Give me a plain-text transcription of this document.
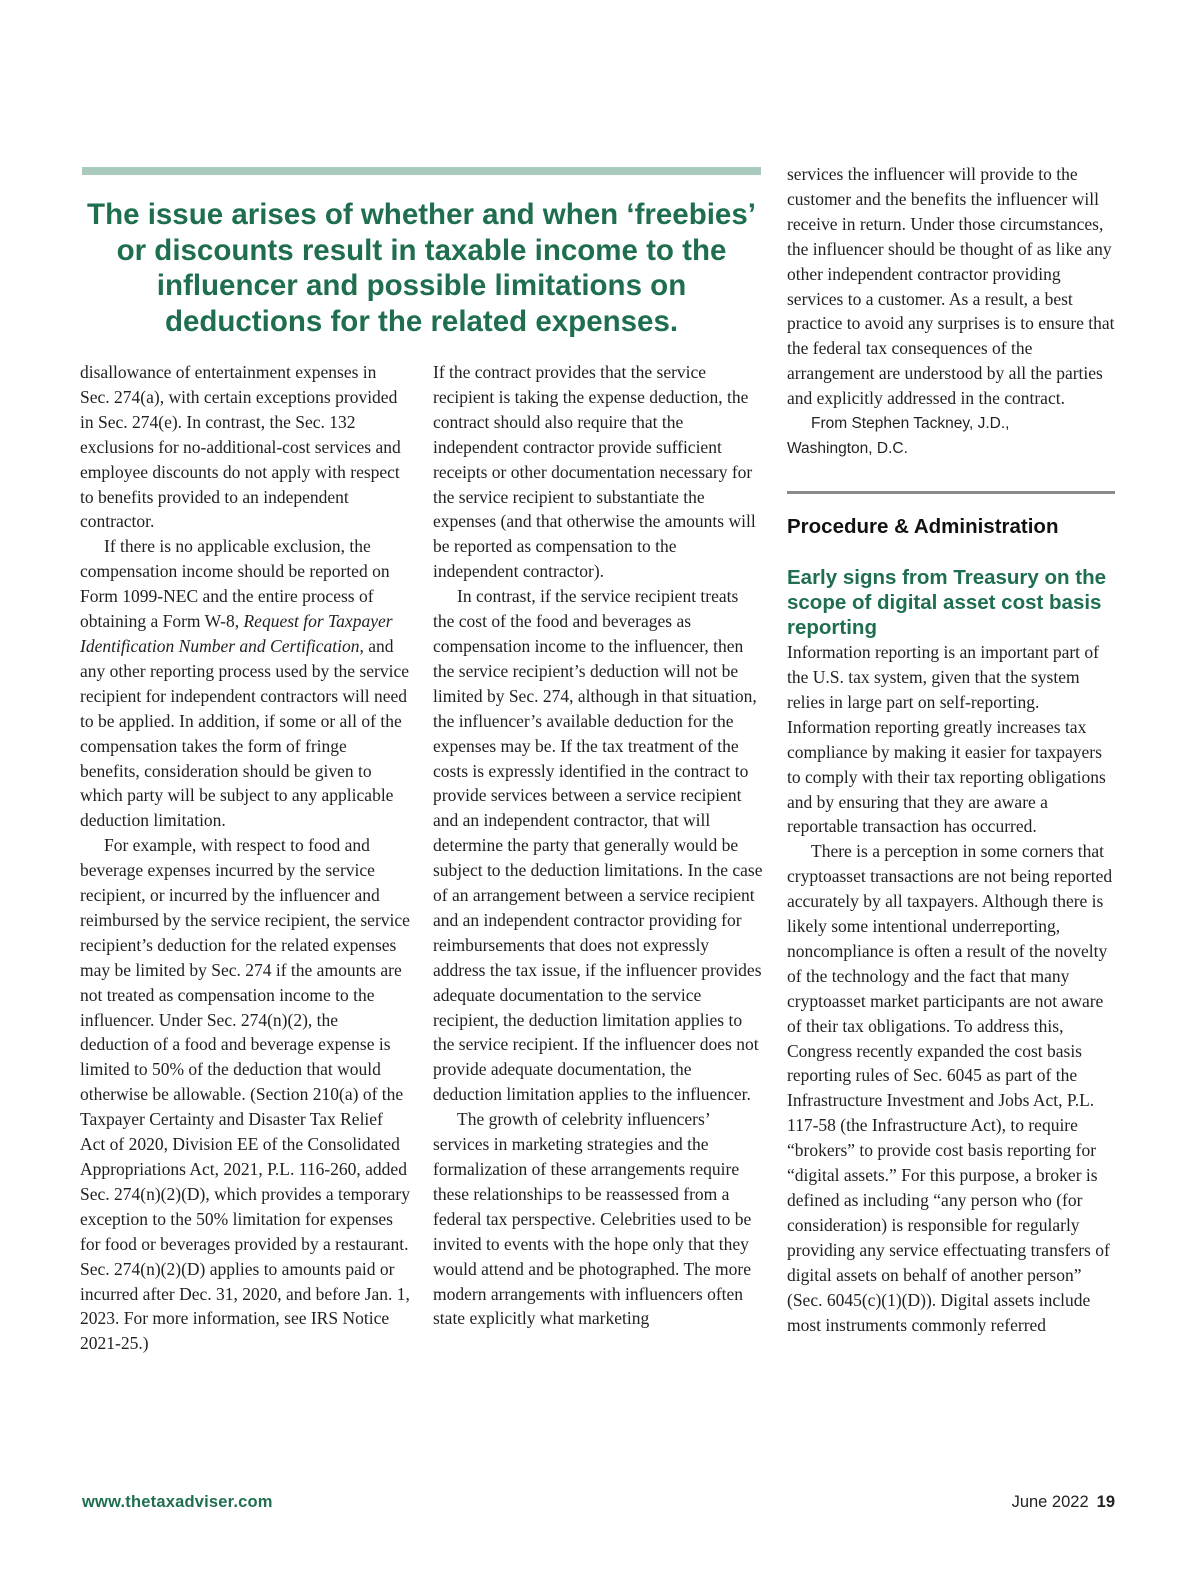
The issue arises of whether and when ‘freebies’ or discounts result in taxable income to the influencer and possible limitations on deductions for the related expenses.

disallowance of entertainment expenses in Sec. 274(a), with certain exceptions provided in Sec. 274(e). In contrast, the Sec. 132 exclusions for no-additional-cost services and employee discounts do not apply with respect to benefits provided to an independent contractor.

If there is no applicable exclusion, the compensation income should be reported on Form 1099-NEC and the entire process of obtaining a Form W-8, Request for Taxpayer Identification Number and Certification, and any other reporting process used by the service recipient for independent contractors will need to be applied. In addition, if some or all of the compensation takes the form of fringe benefits, consideration should be given to which party will be subject to any applicable deduction limitation.

For example, with respect to food and beverage expenses incurred by the service recipient, or incurred by the influencer and reimbursed by the service recipient, the service recipient’s deduction for the related expenses may be limited by Sec. 274 if the amounts are not treated as compensation income to the influencer. Under Sec. 274(n)(2), the deduction of a food and beverage expense is limited to 50% of the deduction that would otherwise be allowable. (Section 210(a) of the Taxpayer Certainty and Disaster Tax Relief Act of 2020, Division EE of the Consolidated Appropriations Act, 2021, P.L. 116-260, added Sec. 274(n)(2)(D), which provides a temporary exception to the 50% limitation for expenses for food or beverages provided by a restaurant. Sec. 274(n)(2)(D) applies to amounts paid or incurred after Dec. 31, 2020, and before Jan. 1, 2023. For more information, see IRS Notice 2021-25.)

If the contract provides that the service recipient is taking the expense deduction, the contract should also require that the independent contractor provide sufficient receipts or other documentation necessary for the service recipient to substantiate the expenses (and that otherwise the amounts will be reported as compensation to the independent contractor).

In contrast, if the service recipient treats the cost of the food and beverages as compensation income to the influencer, then the service recipient’s deduction will not be limited by Sec. 274, although in that situation, the influencer’s available deduction for the expenses may be. If the tax treatment of the costs is expressly identified in the contract to provide services between a service recipient and an independent contractor, that will determine the party that generally would be subject to the deduction limitations. In the case of an arrangement between a service recipient and an independent contractor providing for reimbursements that does not expressly address the tax issue, if the influencer provides adequate documentation to the service recipient, the deduction limitation applies to the service recipient. If the influencer does not provide adequate documentation, the deduction limitation applies to the influencer.

The growth of celebrity influencers’ services in marketing strategies and the formalization of these arrangements require these relationships to be reassessed from a federal tax perspective. Celebrities used to be invited to events with the hope only that they would attend and be photographed. The more modern arrangements with influencers often state explicitly what marketing

services the influencer will provide to the customer and the benefits the influencer will receive in return. Under those circumstances, the influencer should be thought of as like any other independent contractor providing services to a customer. As a result, a best practice to avoid any surprises is to ensure that the federal tax consequences of the arrangement are understood by all the parties and explicitly addressed in the contract.

From Stephen Tackney, J.D.,
Washington, D.C.
Procedure & Administration
Early signs from Treasury on the scope of digital asset cost basis reporting

Information reporting is an important part of the U.S. tax system, given that the system relies in large part on self-reporting. Information reporting greatly increases tax compliance by making it easier for taxpayers to comply with their tax reporting obligations and by ensuring that they are aware a reportable transaction has occurred.

There is a perception in some corners that cryptoasset transactions are not being reported accurately by all taxpayers. Although there is likely some intentional underreporting, noncompliance is often a result of the novelty of the technology and the fact that many cryptoasset market participants are not aware of their tax obligations. To address this, Congress recently expanded the cost basis reporting rules of Sec. 6045 as part of the Infrastructure Investment and Jobs Act, P.L. 117-58 (the Infrastructure Act), to require “brokers” to provide cost basis reporting for “digital assets.” For this purpose, a broker is defined as including “any person who (for consideration) is responsible for regularly providing any service effectuating transfers of digital assets on behalf of another person” (Sec. 6045(c)(1)(D)). Digital assets include most instruments commonly referred

www.thetaxadviser.com	June 2022 19
